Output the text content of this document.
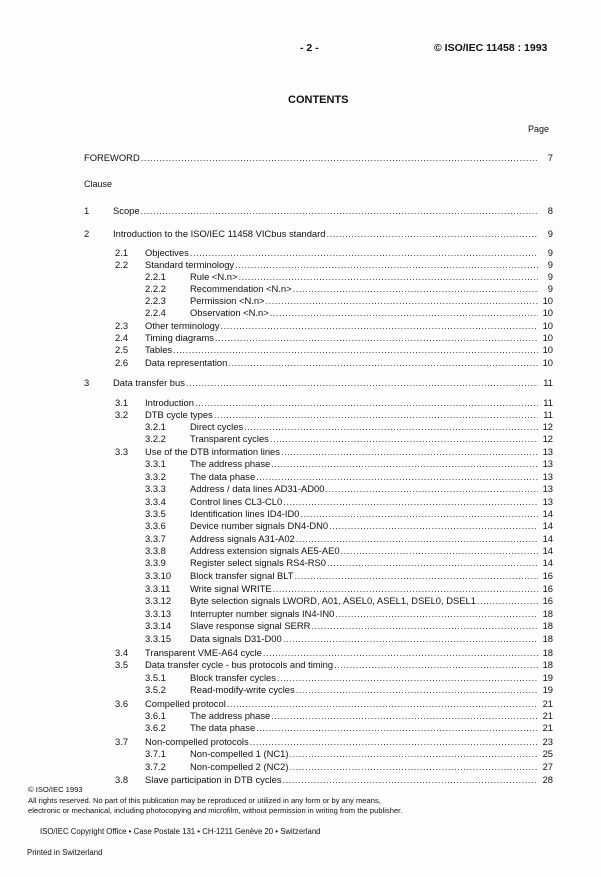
- 2 -	© ISO/IEC 11458 : 1993
CONTENTS
Page
Clause
FOREWORD .....	7
1	Scope .....	8
2	Introduction to the ISO/IEC 11458 VICbus standard .....	9
2.1 Objectives .....	9
2.2 Standard terminology .....	9
2.2.1	Rule <N.n> .....	9
2.2.2	Recommendation <N.n> .....	9
2.2.3	Permission <N.n> .....	10
2.2.4	Observation <N.n> .....	10
2.3 Other terminology .....	10
2.4 Timing diagrams .....	10
2.5 Tables .....	10
2.6 Data representation .....	10
3	Data transfer bus .....	11
3.1 Introduction .....	11
3.2 DTB cycle types .....	11
3.2.1	Direct cycles .....	12
3.2.2	Transparent cycles .....	12
3.3 Use of the DTB information lines .....	13
3.3.1	The address phase .....	13
3.3.2	The data phase .....	13
3.3.3	Address / data lines AD31-AD00 .....	13
3.3.4	Control lines CL3-CL0 .....	13
3.3.5	Identification lines ID4-ID0 .....	14
3.3.6	Device number signals DN4-DN0 .....	14
3.3.7	Address signals A31-A02 .....	14
3.3.8	Address extension signals AE5-AE0 .....	14
3.3.9	Register select signals RS4-RS0 .....	14
3.3.10 Block transfer signal BLT .....	16
3.3.11 Write signal WRITE .....	16
3.3.12 Byte selection signals LWORD, A01, ASEL0, ASEL1, DSEL0, DSEL1 .....	16
3.3.13 Interrupter number signals IN4-IN0 .....	18
3.3.14 Slave response signal SERR .....	18
3.3.15 Data signals D31-D00 .....	18
3.4 Transparent VME-A64 cycle .....	18
3.5 Data transfer cycle - bus protocols and timing .....	18
3.5.1	Block transfer cycles .....	19
3.5.2	Read-modify-write cycles .....	19
3.6 Compelled protocol .....	21
3.6.1	The address phase .....	21
3.6.2	The data phase .....	21
3.7 Non-compelled protocols .....	23
3.7.1	Non-compelled 1 (NC1) .....	25
3.7.2	Non-compelled 2 (NC2) .....	27
3.8 Slave participation in DTB cycles .....	28
© ISO/IEC 1993
All rights reserved. No part of this publication may be reproduced or utilized in any form or by any means,
electronic or mechanical, including photocopying and microfilm, without permission in writing from the publisher.
ISO/IEC Copyright Office • Case Postale 131 • CH-1211 Genève 20 • Switzerland
Printed in Switzerland
